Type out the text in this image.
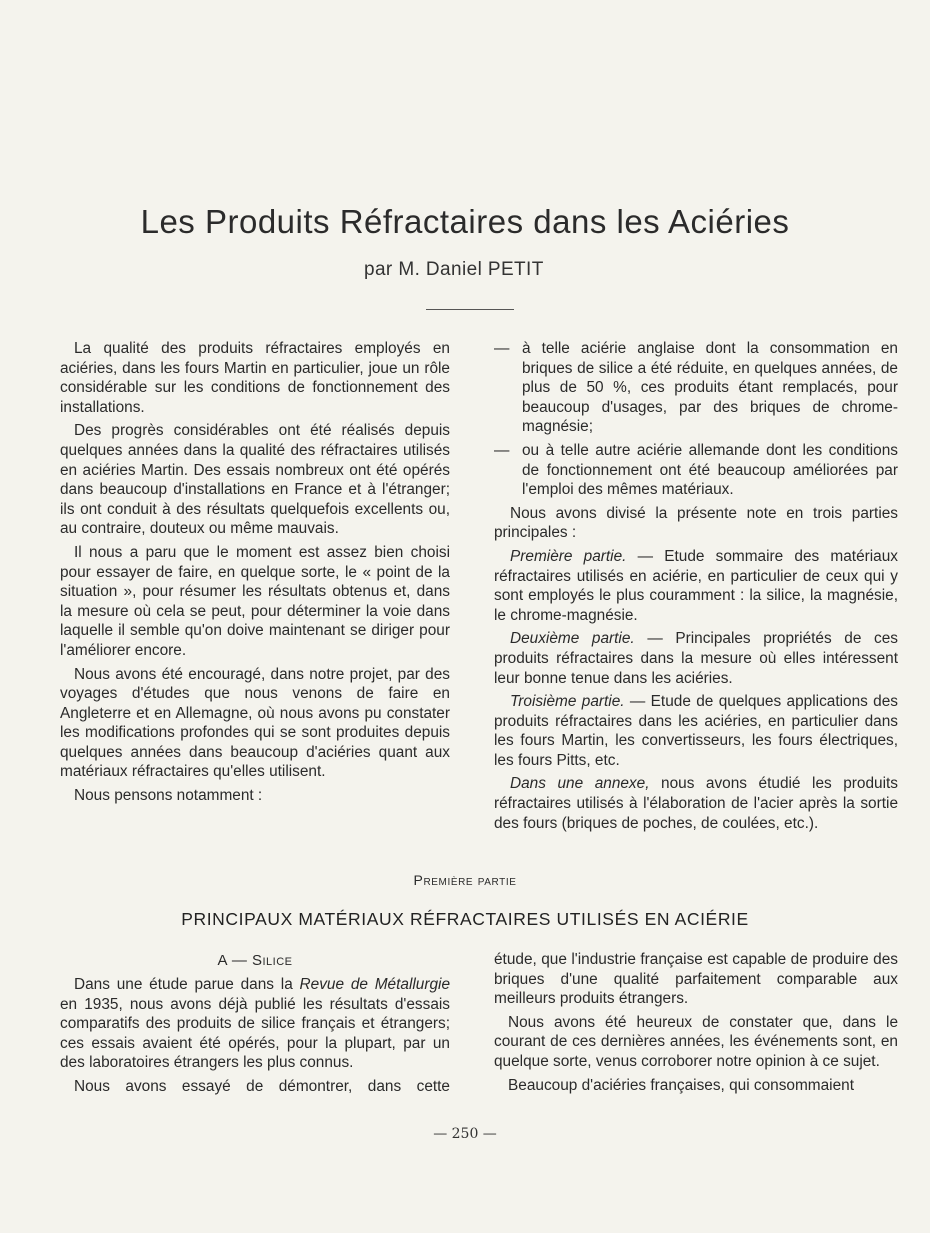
Les Produits Réfractaires dans les Aciéries
par M. Daniel PETIT

La qualité des produits réfractaires employés en aciéries, dans les fours Martin en particulier, joue un rôle considérable sur les conditions de fonctionnement des installations.

Des progrès considérables ont été réalisés depuis quelques années dans la qualité des réfractaires utilisés en aciéries Martin. Des essais nombreux ont été opérés dans beaucoup d'installations en France et à l'étranger; ils ont conduit à des résultats quelquefois excellents ou, au contraire, douteux ou même mauvais.

Il nous a paru que le moment est assez bien choisi pour essayer de faire, en quelque sorte, le « point de la situation », pour résumer les résultats obtenus et, dans la mesure où cela se peut, pour déterminer la voie dans laquelle il semble qu'on doive maintenant se diriger pour l'améliorer encore.

Nous avons été encouragé, dans notre projet, par des voyages d'études que nous venons de faire en Angleterre et en Allemagne, où nous avons pu constater les modifications profondes qui se sont produites depuis quelques années dans beaucoup d'aciéries quant aux matériaux réfractaires qu'elles utilisent.

Nous pensons notamment :

— à telle aciérie anglaise dont la consommation en briques de silice a été réduite, en quelques années, de plus de 50 %, ces produits étant remplacés, pour beaucoup d'usages, par des briques de chrome-magnésie;
— ou à telle autre aciérie allemande dont les conditions de fonctionnement ont été beaucoup améliorées par l'emploi des mêmes matériaux.

Nous avons divisé la présente note en trois parties principales :

Première partie. — Etude sommaire des matériaux réfractaires utilisés en aciérie, en particulier de ceux qui y sont employés le plus couramment : la silice, la magnésie, le chrome-magnésie.

Deuxième partie. — Principales propriétés de ces produits réfractaires dans la mesure où elles intéressent leur bonne tenue dans les aciéries.

Troisième partie. — Etude de quelques applications des produits réfractaires dans les aciéries, en particulier dans les fours Martin, les convertisseurs, les fours électriques, les fours Pitts, etc.

Dans une annexe, nous avons étudié les produits réfractaires utilisés à l'élaboration de l'acier après la sortie des fours (briques de poches, de coulées, etc.).

Première partie
PRINCIPAUX MATÉRIAUX RÉFRACTAIRES UTILISÉS EN ACIÉRIE
A — Silice

Dans une étude parue dans la Revue de Métallurgie en 1935, nous avons déjà publié les résultats d'essais comparatifs des produits de silice français et étrangers; ces essais avaient été opérés, pour la plupart, par un des laboratoires étrangers les plus connus.

Nous avons essayé de démontrer, dans cette

étude, que l'industrie française est capable de produire des briques d'une qualité parfaitement comparable aux meilleurs produits étrangers.

Nous avons été heureux de constater que, dans le courant de ces dernières années, les événements sont, en quelque sorte, venus corroborer notre opinion à ce sujet.

Beaucoup d'aciéries françaises, qui consommaient

— 250 —
